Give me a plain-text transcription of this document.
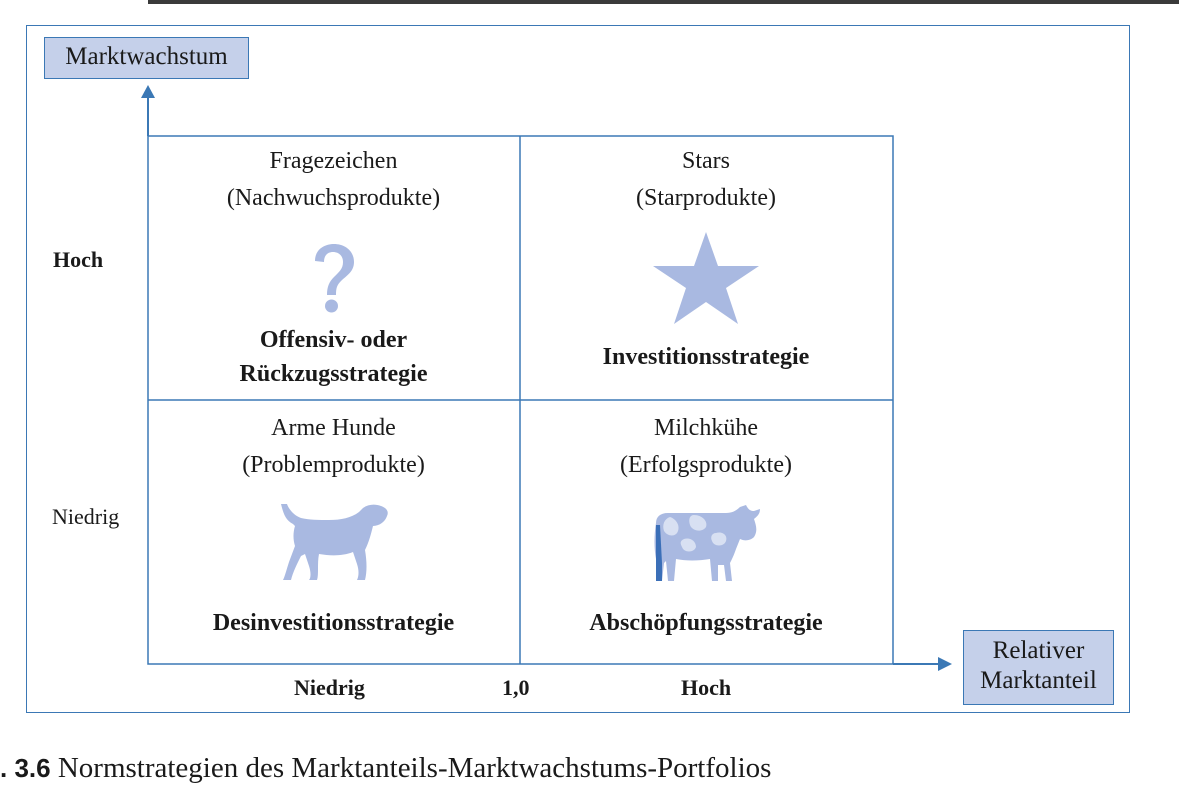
Marktwachstum
Relativer
Marktanteil
Hoch
Niedrig
Niedrig	1,0	Hoch
Fragezeichen
(Nachwuchsprodukte)
Offensiv- oder
Rückzugsstrategie
Stars
(Starprodukte)
Investitionsstrategie
Arme Hunde
(Problemprodukte)
Desinvestitionsstrategie
Milchkühe
(Erfolgsprodukte)
Abschöpfungsstrategie
. 3.6 Normstrategien des Marktanteils-Marktwachstums-Portfolios
